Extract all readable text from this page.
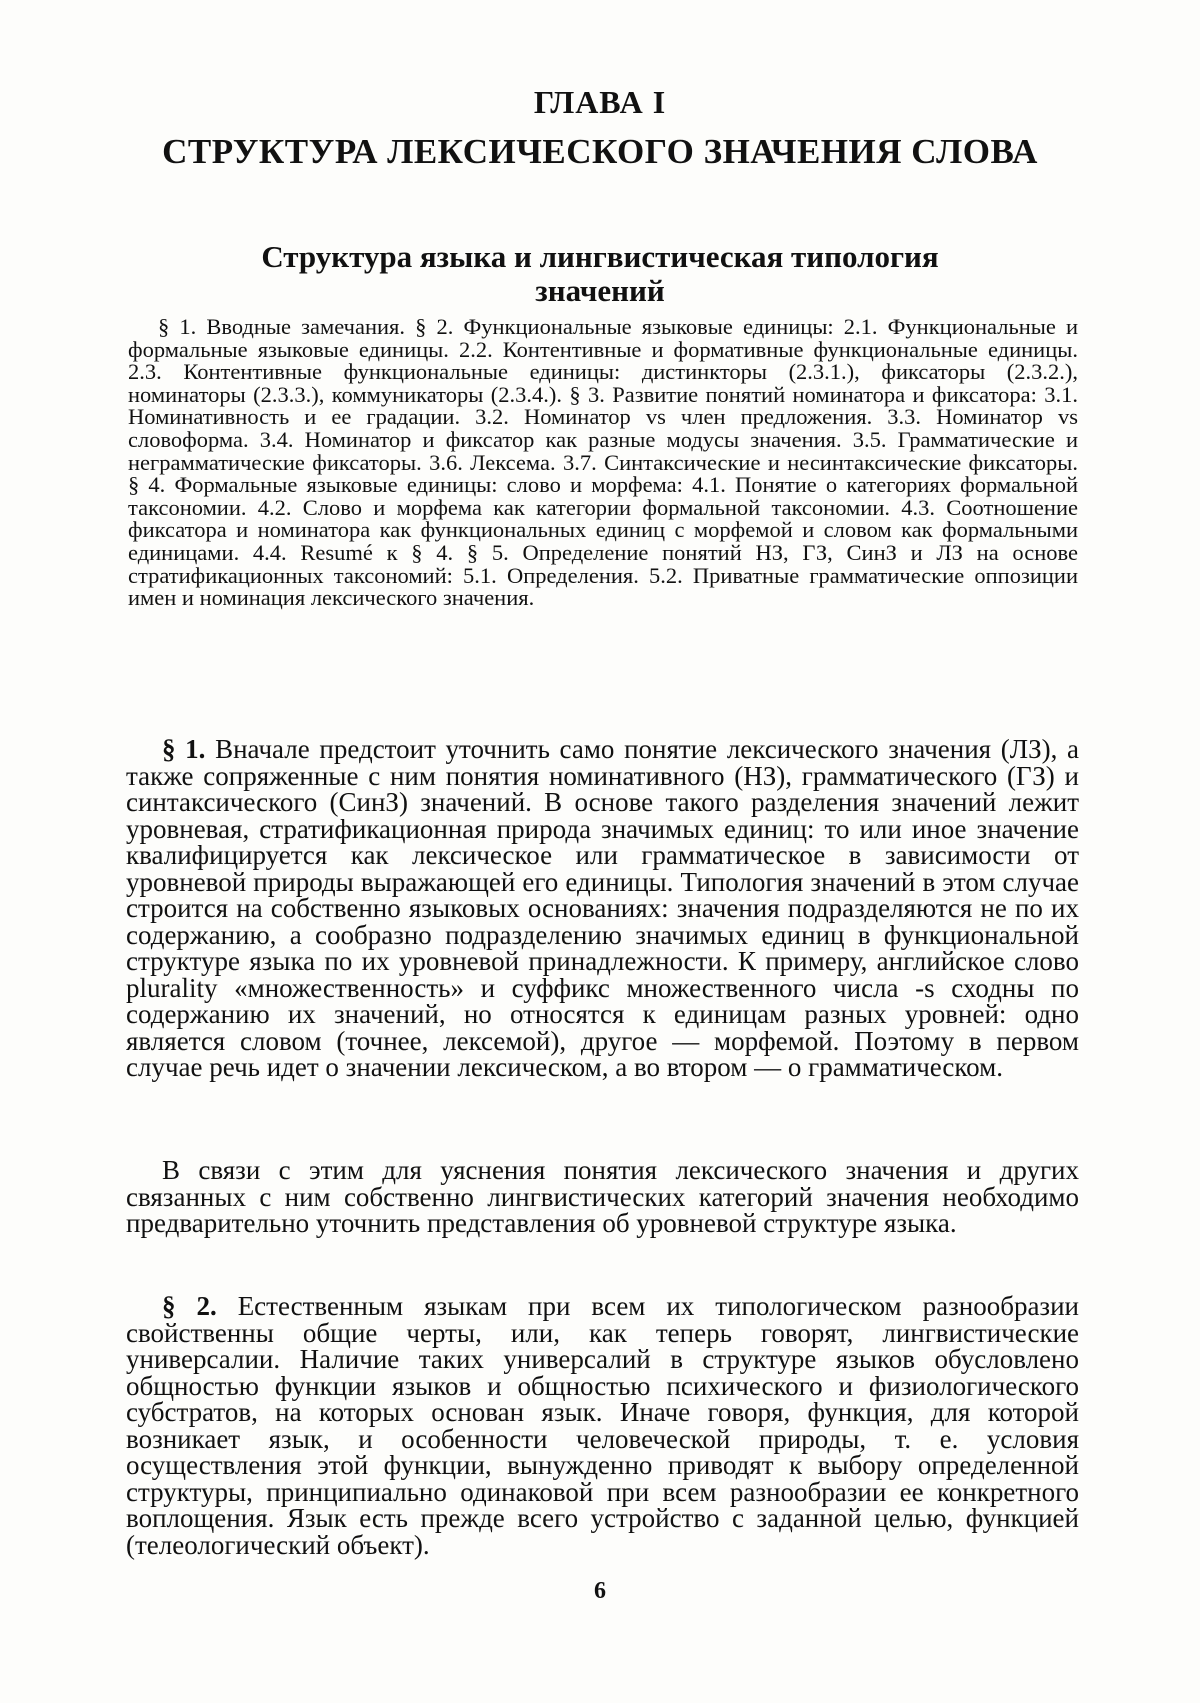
ГЛАВА I
СТРУКТУРА ЛЕКСИЧЕСКОГО ЗНАЧЕНИЯ СЛОВА
Структура языка и лингвистическая типология значений

§ 1. Вводные замечания. § 2. Функциональные языковые единицы: 2.1. Функциональные и формальные языковые единицы. 2.2. Контентивные и формативные функциональные единицы. 2.3. Контентивные функциональные единицы: дистинкторы (2.3.1.), фиксаторы (2.3.2.), номинаторы (2.3.3.), коммуникаторы (2.3.4.). § 3. Развитие понятий номинатора и фиксатора: 3.1. Номинативность и ее градации. 3.2. Номинатор vs член предложения. 3.3. Номинатор vs словоформа. 3.4. Номинатор и фиксатор как разные модусы значения. 3.5. Грамматические и неграмматические фиксаторы. 3.6. Лексема. 3.7. Синтаксические и несинтаксические фиксаторы. § 4. Формальные языковые единицы: слово и морфема: 4.1. Понятие о категориях формальной таксономии. 4.2. Слово и морфема как категории формальной таксономии. 4.3. Соотношение фиксатора и номинатора как функциональных единиц с морфемой и словом как формальными единицами. 4.4. Resumé к § 4. § 5. Определение понятий НЗ, ГЗ, СинЗ и ЛЗ на основе стратификационных таксономий: 5.1. Определения. 5.2. Приватные грамматические оппозиции имен и номинация лексического значения.

§ 1. Вначале предстоит уточнить само понятие лексического значения (ЛЗ), а также сопряженные с ним понятия номинативного (НЗ), грамматического (ГЗ) и синтаксического (СинЗ) значений. В основе такого разделения значений лежит уровневая, стратификационная природа значимых единиц: то или иное значение квалифицируется как лексическое или грамматическое в зависимости от уровневой природы выражающей его единицы. Типология значений в этом случае строится на собственно языковых основаниях: значения подразделяются не по их содержанию, а сообразно подразделению значимых единиц в функциональной структуре языка по их уровневой принадлежности. К примеру, английское слово plurality «множественность» и суффикс множественного числа -s сходны по содержанию их значений, но относятся к единицам разных уровней: одно является словом (точнее, лексемой), другое — морфемой. Поэтому в первом случае речь идет о значении лексическом, а во втором — о грамматическом.

В связи с этим для уяснения понятия лексического значения и других связанных с ним собственно лингвистических категорий значения необходимо предварительно уточнить представления об уровневой структуре языка.

§ 2. Естественным языкам при всем их типологическом разнообразии свойственны общие черты, или, как теперь говорят, лингвистические универсалии. Наличие таких универсалий в структуре языков обусловлено общностью функции языков и общностью психического и физиологического субстратов, на которых основан язык. Иначе говоря, функция, для которой возникает язык, и особенности человеческой природы, т. е. условия осуществления этой функции, вынужденно приводят к выбору определенной структуры, принципиально одинаковой при всем разнообразии ее конкретного воплощения. Язык есть прежде всего устройство с заданной целью, функцией (телеологический объект).

6
